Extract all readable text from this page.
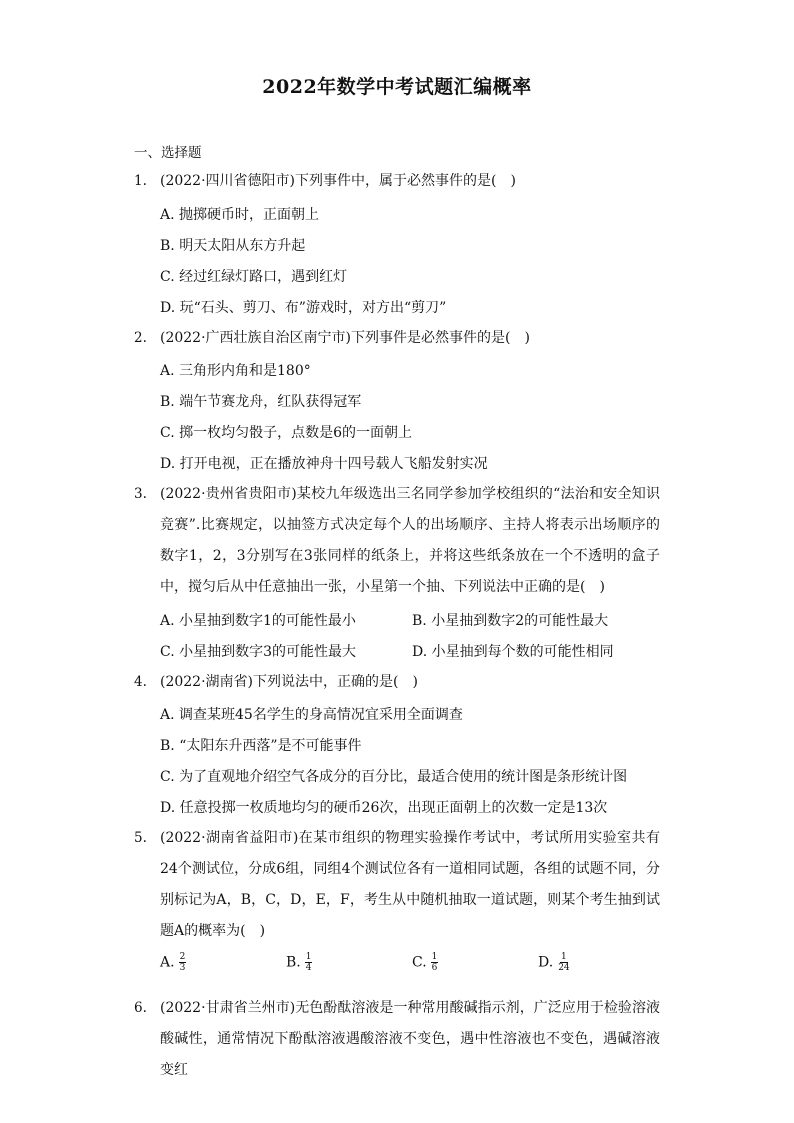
2022年数学中考试题汇编概率
一、选择题
1. (2022·四川省德阳市)下列事件中，属于必然事件的是(　)
A. 抛掷硬币时，正面朝上
B. 明天太阳从东方升起
C. 经过红绿灯路口，遇到红灯
D. 玩“石头、剪刀、布”游戏时，对方出“剪刀”
2. (2022·广西壮族自治区南宁市)下列事件是必然事件的是(　)
A. 三角形内角和是180°
B. 端午节赛龙舟，红队获得冠军
C. 掷一枚均匀骰子，点数是6的一面朝上
D. 打开电视，正在播放神舟十四号载人飞船发射实况
3. (2022·贵州省贵阳市)某校九年级选出三名同学参加学校组织的“法治和安全知识竞赛”.比赛规定，以抽签方式决定每个人的出场顺序、主持人将表示出场顺序的数字1，2，3分别写在3张同样的纸条上，并将这些纸条放在一个不透明的盒子中，搅匀后从中任意抽出一张，小星第一个抽、下列说法中正确的是(　)
A. 小星抽到数字1的可能性最小	B. 小星抽到数字2的可能性最大
C. 小星抽到数字3的可能性最大	D. 小星抽到每个数的可能性相同
4. (2022·湖南省)下列说法中，正确的是(　)
A. 调查某班45名学生的身高情况宜采用全面调查
B. “太阳东升西落”是不可能事件
C. 为了直观地介绍空气各成分的百分比，最适合使用的统计图是条形统计图
D. 任意投掷一枚质地均匀的硬币26次，出现正面朝上的次数一定是13次
5. (2022·湖南省益阳市)在某市组织的物理实验操作考试中，考试所用实验室共有24个测试位，分成6组，同组4个测试位各有一道相同试题，各组的试题不同，分别标记为A，B，C，D，E，F，考生从中随机抽取一道试题，则某个考生抽到试题A的概率为(　)
A. $\frac{2}{3}$	B. $\frac{1}{4}$	C. $\frac{1}{6}$	D. $\frac{1}{24}$
6. (2022·甘肃省兰州市)无色酚酞溶液是一种常用酸碱指示剂，广泛应用于检验溶液酸碱性，通常情况下酚酞溶液遇酸溶液不变色，遇中性溶液也不变色，遇碱溶液变红
